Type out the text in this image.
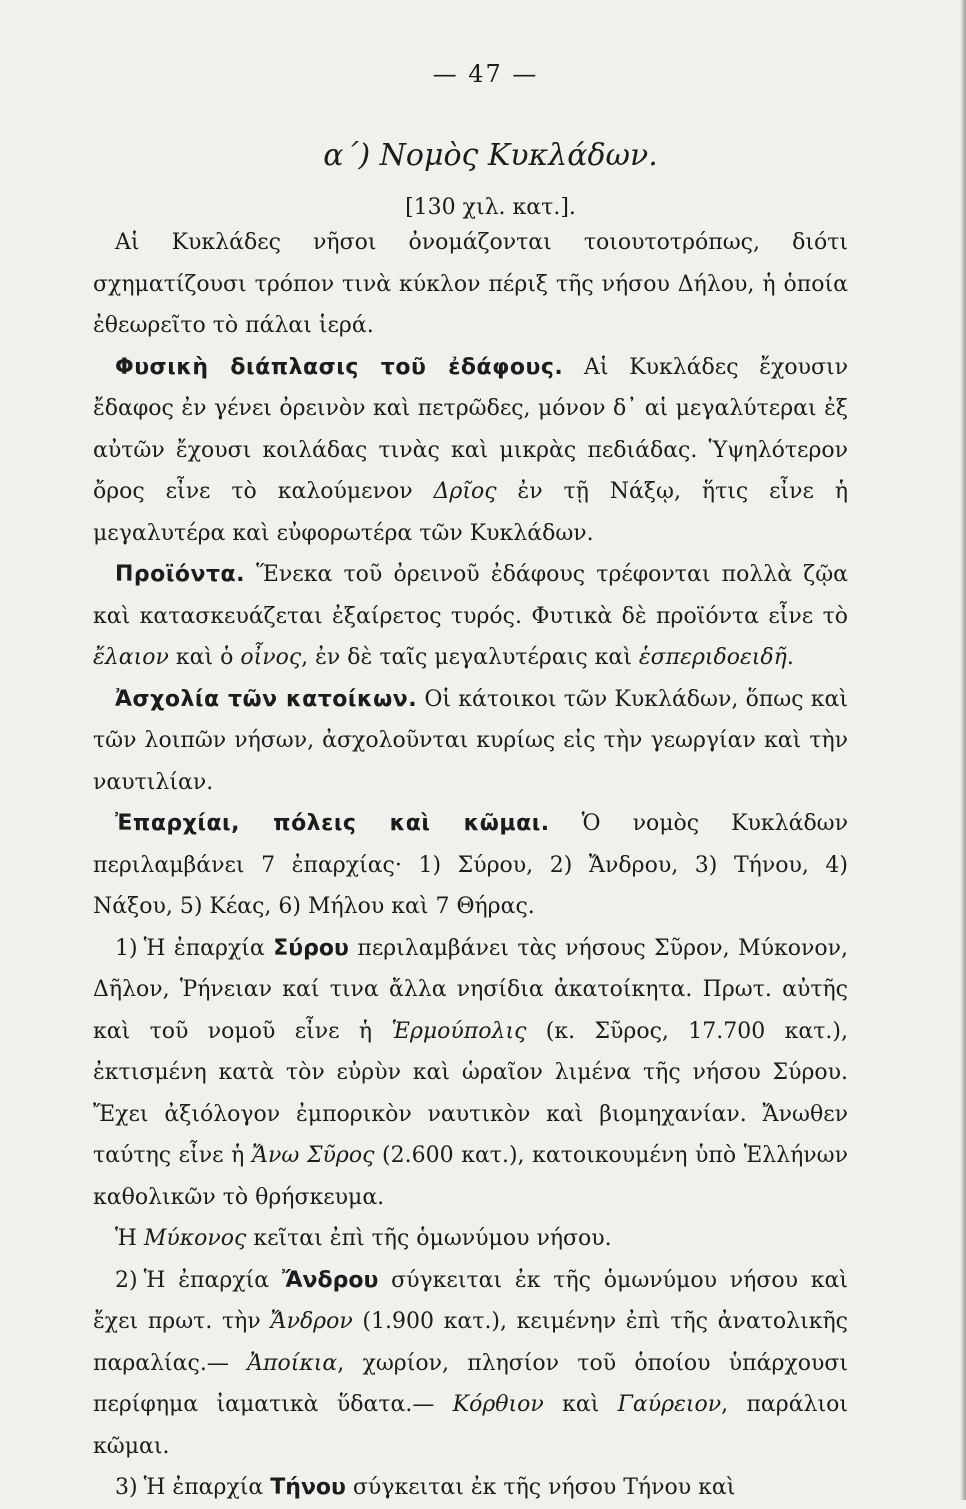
— 47 —
α΄) Νομὸς Κυκλάδων.
[130 χιλ. κατ.].

 Αἱ Κυκλάδες νῆσοι ὀνομάζονται τοιουτοτρόπως, διότι σχηματίζουσι τρόπον τινὰ κύκλον πέριξ τῆς νήσου Δήλου, ἡ ὁποία ἐθεωρεῖτο τὸ πάλαι ἱερά.

 Φυσικὴ διάπλασις τοῦ ἐδάφους. Αἱ Κυκλάδες ἔχουσιν ἔδαφος ἐν γένει ὀρεινὸν καὶ πετρῶδες, μόνον δ᾽ αἱ μεγαλύτεραι ἐξ αὐτῶν ἔχουσι κοιλάδας τινὰς καὶ μικρὰς πεδιάδας. Ὑψηλότερον ὄρος εἶνε τὸ καλούμενον Δρῖος ἐν τῇ Νάξῳ, ἥτις εἶνε ἡ μεγαλυτέρα καὶ εὐφορωτέρα τῶν Κυκλάδων.

 Προϊόντα. Ἕνεκα τοῦ ὀρεινοῦ ἐδάφους τρέφονται πολλὰ ζῷα καὶ κατασκευάζεται ἐξαίρετος τυρός. Φυτικὰ δὲ προϊόντα εἶνε τὸ ἔλαιον καὶ ὁ οἶνος, ἐν δὲ ταῖς μεγαλυτέραις καὶ ἑσπεριδοειδῆ.

 Ἀσχολία τῶν κατοίκων. Οἱ κάτοικοι τῶν Κυκλάδων, ὅπως καὶ τῶν λοιπῶν νήσων, ἀσχολοῦνται κυρίως εἰς τὴν γεωργίαν καὶ τὴν ναυτιλίαν.

 Ἐπαρχίαι, πόλεις καὶ κῶμαι. Ὁ νομὸς Κυκλάδων περιλαμβάνει 7 ἐπαρχίας· 1) Σύρου, 2) Ἄνδρου, 3) Τήνου, 4) Νάξου, 5) Κέας, 6) Μήλου καὶ 7 Θήρας.

 1) Ἡ ἐπαρχία Σύρου περιλαμβάνει τὰς νήσους Σῦρον, Μύκονον, Δῆλον, Ῥήνειαν καί τινα ἄλλα νησίδια ἀκατοίκητα. Πρωτ. αὐτῆς καὶ τοῦ νομοῦ εἶνε ἡ Ἑρμούπολις (κ. Σῦρος, 17.700 κατ.), ἐκτισμένη κατὰ τὸν εὐρὺν καὶ ὡραῖον λιμένα τῆς νήσου Σύρου. Ἔχει ἀξιόλογον ἐμπορικὸν ναυτικὸν καὶ βιομηχανίαν. Ἄνωθεν ταύτης εἶνε ἡ Ἄνω Σῦρος (2.600 κατ.), κατοικουμένη ὑπὸ Ἑλλήνων καθολικῶν τὸ θρήσκευμα.

 Ἡ Μύκονος κεῖται ἐπὶ τῆς ὁμωνύμου νήσου.

 2) Ἡ ἐπαρχία Ἄνδρου σύγκειται ἐκ τῆς ὁμωνύμου νήσου καὶ ἔχει πρωτ. τὴν Ἄνδρον (1.900 κατ.), κειμένην ἐπὶ τῆς ἀνατολικῆς παραλίας.— Ἀποίκια, χωρίον, πλησίον τοῦ ὁποίου ὑπάρχουσι περίφημα ἰαματικὰ ὕδατα.— Κόρθιον καὶ Γαύρειον, παράλιοι κῶμαι.

 3) Ἡ ἐπαρχία Τήνου σύγκειται ἐκ τῆς νήσου Τήνου καὶ
